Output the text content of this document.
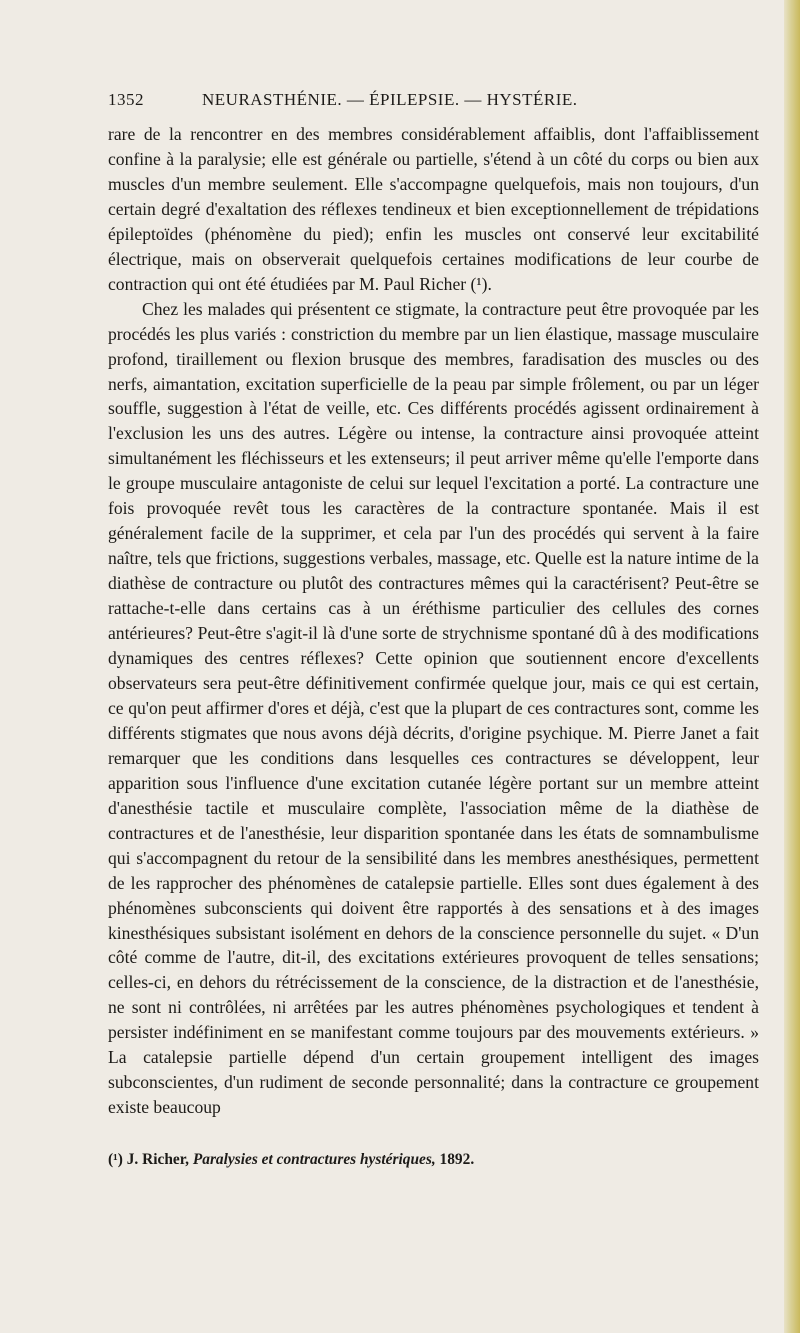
1352	NEURASTHÉNIE. — ÉPILEPSIE. — HYSTÉRIE.

rare de la rencontrer en des membres considérablement affaiblis, dont l'affaiblissement confine à la paralysie; elle est générale ou partielle, s'étend à un côté du corps ou bien aux muscles d'un membre seulement. Elle s'accompagne quelquefois, mais non toujours, d'un certain degré d'exaltation des réflexes tendineux et bien exceptionnellement de trépidations épileptoïdes (phénomène du pied); enfin les muscles ont conservé leur excitabilité électrique, mais on observerait quelquefois certaines modifications de leur courbe de contraction qui ont été étudiées par M. Paul Richer (¹).

Chez les malades qui présentent ce stigmate, la contracture peut être provoquée par les procédés les plus variés : constriction du membre par un lien élastique, massage musculaire profond, tiraillement ou flexion brusque des membres, faradisation des muscles ou des nerfs, aimantation, excitation superficielle de la peau par simple frôlement, ou par un léger souffle, suggestion à l'état de veille, etc. Ces différents procédés agissent ordinairement à l'exclusion les uns des autres. Légère ou intense, la contracture ainsi provoquée atteint simultanément les fléchisseurs et les extenseurs; il peut arriver même qu'elle l'emporte dans le groupe musculaire antagoniste de celui sur lequel l'excitation a porté. La contracture une fois provoquée revêt tous les caractères de la contracture spontanée. Mais il est généralement facile de la supprimer, et cela par l'un des procédés qui servent à la faire naître, tels que frictions, suggestions verbales, massage, etc. Quelle est la nature intime de la diathèse de contracture ou plutôt des contractures mêmes qui la caractérisent? Peut-être se rattache-t-elle dans certains cas à un éréthisme particulier des cellules des cornes antérieures? Peut-être s'agit-il là d'une sorte de strychnisme spontané dû à des modifications dynamiques des centres réflexes? Cette opinion que soutiennent encore d'excellents observateurs sera peut-être définitivement confirmée quelque jour, mais ce qui est certain, ce qu'on peut affirmer d'ores et déjà, c'est que la plupart de ces contractures sont, comme les différents stigmates que nous avons déjà décrits, d'origine psychique. M. Pierre Janet a fait remarquer que les conditions dans lesquelles ces contractures se développent, leur apparition sous l'influence d'une excitation cutanée légère portant sur un membre atteint d'anesthésie tactile et musculaire complète, l'association même de la diathèse de contractures et de l'anesthésie, leur disparition spontanée dans les états de somnambulisme qui s'accompagnent du retour de la sensibilité dans les membres anesthésiques, permettent de les rapprocher des phénomènes de catalepsie partielle. Elles sont dues également à des phénomènes subconscients qui doivent être rapportés à des sensations et à des images kinesthésiques subsistant isolément en dehors de la conscience personnelle du sujet. « D'un côté comme de l'autre, dit-il, des excitations extérieures provoquent de telles sensations; celles-ci, en dehors du rétrécissement de la conscience, de la distraction et de l'anesthésie, ne sont ni contrôlées, ni arrêtées par les autres phénomènes psychologiques et tendent à persister indéfiniment en se manifestant comme toujours par des mouvements extérieurs. » La catalepsie partielle dépend d'un certain groupement intelligent des images subconscientes, d'un rudiment de seconde personnalité; dans la contracture ce groupement existe beaucoup

(¹) J. Richer, Paralysies et contractures hystériques, 1892.
